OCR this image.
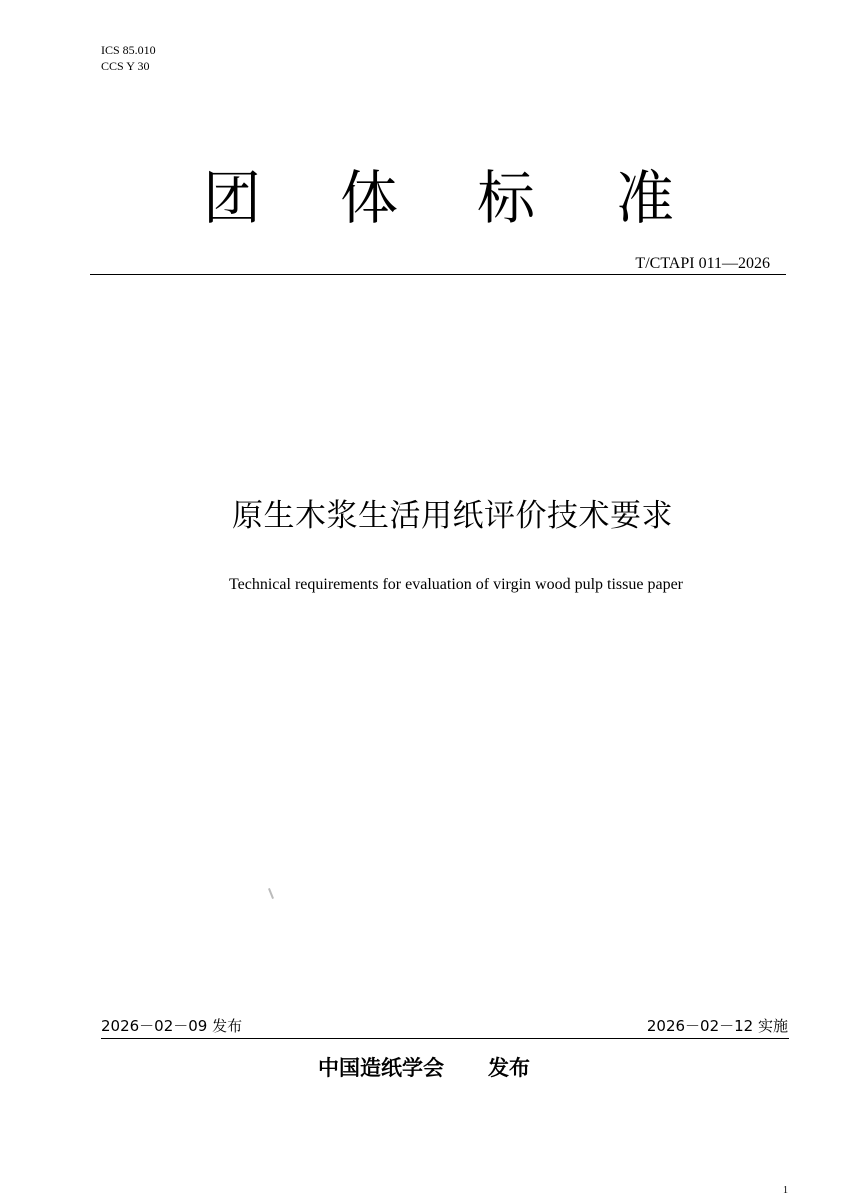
ICS 85.010
CCS Y 30
团 体 标 准
T/CTAPI 011—2026
原生木浆生活用纸评价技术要求
Technical requirements for evaluation of virgin wood pulp tissue paper
2026－02－09 发布	2026－02－12 实施
中国造纸学会 发布
1
